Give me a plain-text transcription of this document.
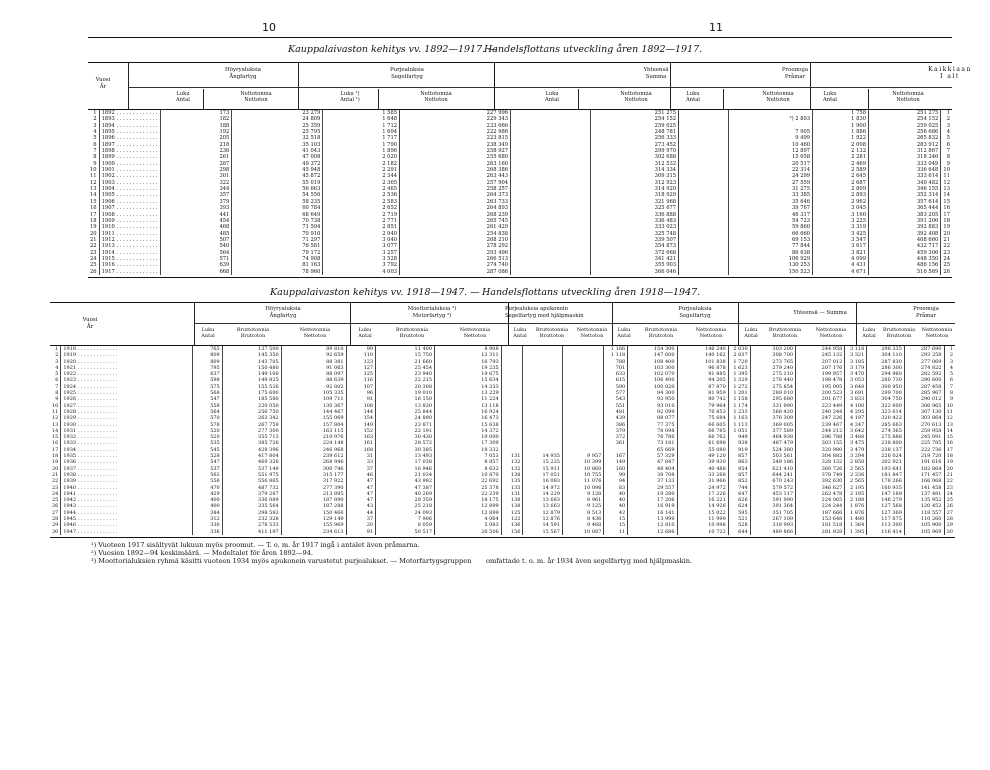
10	11
Kauppalaivaston kehitys vv. 1892—1917. —
Handelsflottans utveckling åren 1892—1917.
Vuosi
År
Höyryaluksia
Ångfartyg
Purjealuksia
Segelfartyg
Yhteensä
Summa
Proomuja
Pråmar
Kaikkiaan
I alt
Luku
Antal
Nettotonnia
Nettoton
Luku ¹)
Antal ¹)
Nettotonnia
Nettoton
Luku
Antal
Nettotonnia
Nettoton
Luku
Antal
Nettotonnia
Nettoton
Luku
Antal
Nettotonnia
Nettoton
1	1892 . . . . . . . . . . . . .	173	23 279	1 585	227 996		251 275			1 758	251 275	1
2	1893 . . . . . . . . . . . . .	182	24 809	1 648	229 343		254 152		²) 2 893	1 830	254 152	2
3	1894 . . . . . . . . . . . . .	188	25 359	1 712	233 666		259 025			1 900	259 025	3
4	1895 . . . . . . . . . . . . .	192	25 795	1 694	222 986		248 781		7 905	1 886	256 686	4
5	1896 . . . . . . . . . . . . .	205	32 518	1 717	223 815		256 333		9 499	1 922	265 832	5
6	1897 . . . . . . . . . . . . .	218	35 103	1 790	238 349		273 452		10 460	2 008	283 912	6
7	1898 . . . . . . . . . . . . .	236	41 043	1 896	258 927		299 970		12 897	2 132	312 867	7
8	1899 . . . . . . . . . . . . .	261	47 008	2 020	255 680		302 688		15 658	2 281	318 346	8
9	1900 . . . . . . . . . . . . .	287	49 372	2 182	263 160		312 532		20 517	2 469	333 049	9
10	1901 . . . . . . . . . . . . .	298	45 948	2 291	268 386		314 334		22 314	2 589	336 648	10
11	1902 . . . . . . . . . . . . .	301	45 872	2 344	263 443		309 315		24 299	2 645	333 614	11
12	1903 . . . . . . . . . . . . .	322	55 019	2 365	257 904		312 923		27 559	2 687	340 482	12
13	1904 . . . . . . . . . . . . .	344	56 663	2 465	258 257		314 920		31 275	2 809	346 155	13
14	1905 . . . . . . . . . . . . .	357	54 556	2 536	264 373		318 929		33 385	2 893	352 314	14
15	1906 . . . . . . . . . . . . .	379	58 235	2 583	263 733		321 968		35 646	2 962	357 614	15
16	1907 . . . . . . . . . . . . .	393	60 784	2 652	264 893		325 677		39 767	3 045	365 444	16
17	1908 . . . . . . . . . . . . .	441	68 649	2 719	268 239		336 888		46 317	3 160	383 205	17
18	1909 . . . . . . . . . . . . .	454	70 738	2 771	265 745		336 483		54 723	3 225	391 206	18
19	1910 . . . . . . . . . . . . .	468	71 594	2 851	261 429		333 023		59 860	3 319	392 883	19
20	1911 . . . . . . . . . . . . .	485	70 910	2 940	254 838		325 748		66 660	3 425	392 408	20
21	1912 . . . . . . . . . . . . .	507	71 297	3 040	268 210		339 507		69 153	3 547	408 660	21
22	1913 . . . . . . . . . . . . .	540	76 581	3 077	278 292		354 873		77 844	3 617	432 717	22
23	1914 . . . . . . . . . . . . .	564	79 172	3 257	293 496		372 668		86 638	3 821	459 306	23
24	1915 . . . . . . . . . . . . .	571	74 908	3 528	266 513		341 421		106 929	4 099	448 350	24
25	1916 . . . . . . . . . . . . .	639	81 163	3 792	274 740		355 903		130 253	4 431	486 156	25
26	1917 . . . . . . . . . . . . .	668	78 960	4 003	287 086		366 046		150 523	4 671	516 569	26
Kauppalaivaston kehitys vv. 1918—1947. — Handelsflottans utveckling åren 1918—1947.
Vuosi
År
Höyryaluksia
Ångfartyg
Moottorialuksia ³)
Motorfartyg ³)
Purjealuksia apukonein
Segelfartyg med hjälpmaskin
Purjealuksia
Segelfartyg	Yhteensä — Summa
Proomuja
Pråmar
Luku
Antal
Bruttotonnia
Bruttoton
Nettotonnia
Nettoton
Luku
Antal
Bruttotonnia
Bruttoton
Nettotonnia
Nettoton
Luku
Antal
Bruttotonnia
Bruttoton
Nettotonnia
Nettoton
Luku
Antal
Bruttotonnia
Bruttoton
Nettotonnia
Nettoton
Luku
Antal
Bruttotonnia
Bruttoton
Nettotonnia
Nettoton
Luku
Antal
Bruttotonnia
Bruttoton
Nettotonnia
Nettoton
1	1918 . . . . . . . . . . . . .	765	137 500	89 810	99	11 400	8 908				1 166	154 300	146 240	2 030	303 200	244 958	3 118	298 335	287 690	1
2	1919 . . . . . . . . . . . . .	809	145 350	92 659	110	15 750	12 311				1 118	147 600	140 162	2 037	308 700	245 132	3 321	304 110	293 258	2
3	1920 . . . . . . . . . . . . .	809	143 705	88 381	123	21 660	16 793				788	108 400	101 838	1 720	273 765	207 012	3 185	287 830	277 069	3
4	1921 . . . . . . . . . . . . .	795	150 480	91 063	127	25 454	19 235				701	103 300	96 878	1 623	279 240	207 176	3 179	286 300	274 822	4
5	1922 . . . . . . . . . . . . .	637	149 100	88 097	125	23 940	19 675				633	102 070	91 885	1 395	275 110	199 957	3 470	294 960	282 592	5
6	1923 . . . . . . . . . . . . .	598	149 825	88 639	116	22 215	15 634				615	106 400	94 205	1 329	278 440	198 478	3 053	280 730	290 600	6
7	1924 . . . . . . . . . . . . .	575	155 526	92 802	107	20 308	14 333				590	100 020	87 870	1 272	275 854	195 005	3 648	300 950	287 458	7
8	1925 . . . . . . . . . . . . .	568	175 600	105 335	96	19 010	13 229				577	94 300	81 959	1 201	289 010	200 523	3 691	299 700	285 967	8
9	1926 . . . . . . . . . . . . .	547	185 580	109 711	91	16 150	11 224				543	93 950	80 742	1 158	295 680	201 677	3 833	304 750	290 012	9
10	1927 . . . . . . . . . . . . .	558	220 050	130 367	108	13 830	13 118				551	93 010	79 964	1 174	331 990	223 449	4 100	322 600	306 965	10
11	1928 . . . . . . . . . . . . .	564	256 750	144 467	144	25 844	16 924				481	92 099	76 853	1 233	368 420	240 244	4 295	323 614	307 130	11
12	1929 . . . . . . . . . . . . .	570	263 342	155 069	154	24 890	16 473				439	88 077	75 684	1 163	376 309	247 226	4 197	320 422	303 864	12
13	1930 . . . . . . . . . . . . .	578	267 759	157 804	149	23 871	15 638				386	77 375	66 605	1 113	369 005	239 467	4 247	285 663	270 613	13
14	1931 . . . . . . . . . . . . .	520	277 300	163 115	152	22 191	14 372				379	78 098	66 785	1 051	377 589	244 212	3 642	274 365	259 958	14
15	1932 . . . . . . . . . . . . .	520	355 713	210 976	163	30 430	19 000				372	76 786	66 762	949	464 938	296 788	3 488	275 888	245 091	15
16	1933 . . . . . . . . . . . . .	535	385 726	224 148	161	28 572	17 309				361	73 181	61 698	938	487 479	303 155	3 475	238 800	225 785	16
17	1934 . . . . . . . . . . . . .	545	428 396	246 968	168	30 385	18 332					65 669	55 080	919	524 380	320 980	3 479	238 137	222 736	17
18	1935 . . . . . . . . . . . . .	528	417 804	239 612	31	13 493	7 053	131	14 935	9 957	167	57 329	49 120	857	503 561	304 882	3 294	226 024	219 720	18
19	1936 . . . . . . . . . . . . .	547	469 326	268 946	33	17 038	8 857	132	15 225	10 399	149	47 847	39 930	863	549 186	328 132	2 850	202 921	191 616	19
20	1937 . . . . . . . . . . . . .	537	537 149	300 746	37	16 946	8 632	132	15 911	10 860	160	48 404	40 488	854	621 410	360 726	2 565	193 641	182 864	20
21	1938 . . . . . . . . . . . . .	562	551 975	315 177	46	21 034	10 870	138	17 051	10 755	99	38 708	33 268	857	644 241	378 749	2 336	181 847	171 457	21
22	1939 . . . . . . . . . . . . .	556	556 865	317 922	47	43 992	22 692	135	16 083	11 076	94	37 133	31 966	852	670 243	392 630	2 565	178 266	166 068	22
23	1940 . . . . . . . . . . . . .	470	487 732	277 390	47	47 387	25 378	135	14 972	10 096	83	29 557	24 972	744	579 572	346 627	2 195	160 935	141 458	23
24	1941 . . . . . . . . . . . . .	429	379 287	213 895	47	40 269	22 239	131	14 229	9 128	40	19 280	17 226	647	453 117	262 478	2 195	147 189	137 481	24
25	1942 . . . . . . . . . . . . .	400	336 089	187 890	47	28 359	18 175	138	13 683	8 961	40	17 206	16 221	626	391 990	224 065	2 188	146 279	135 952	25
26	1943 . . . . . . . . . . . . .	400	335 564	187 288	43	25 218	12 899	138	13 663	9 125	40	16 919	14 926	624	391 364	224 244	1 876	127 568	120 452	26
27	1944 . . . . . . . . . . . . .	384	298 592	150 466	44	24 093	12 899	125	12 879	8 513	42	16 141	15 022	595	351 705	187 666	1 876	127 369	118 557	27
28	1945 . . . . . . . . . . . . .	312	232 328	129 149	37	7 906	4 064	122	12 876	8 436	15	13 999	11 999	521	267 109	153 648	1 480	117 675	110 260	28
29	1946 . . . . . . . . . . . . .	330	278 533	155 969	20	8 059	5 083	136	14 591	9 468	15	12 810	10 998	528	318 993	181 518	1 364	113 300	105 900	29
30	1947 . . . . . . . . . . . . .	336	411 197	234 613	91	50 517	26 506	156	15 567	10 087	11	12 686	10 722	644	489 866	281 928	1 395	116 414	105 969	30
¹) Vuoteen 1917 sisältyvät lukuun myös proomut. — T. o. m. år 1917 ingå i antalet även pråmarna.
²) Vuosien 1892—94 keskimäärä. — Medeltalet för åren 1892—94.
³) Moottorialuksien ryhmä käsitti vuoteen 1934 myös apukonein varustetut purjealukset. — Motorfartygsgruppen omfattade t. o. m. år 1934 även segelfartyg med hjälpmaskin.
